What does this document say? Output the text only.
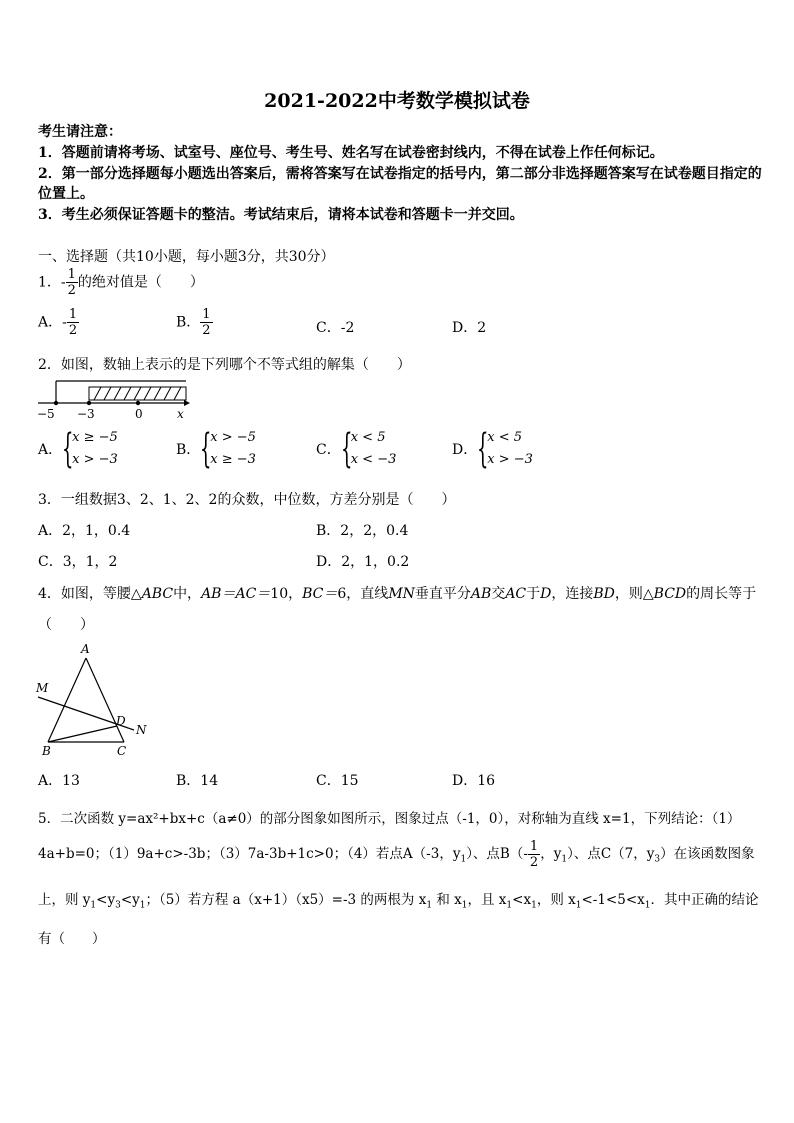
2021-2022中考数学模拟试卷
考生请注意：
1．答题前请将考场、试室号、座位号、考生号、姓名写在试卷密封线内，不得在试卷上作任何标记。
2．第一部分选择题每小题选出答案后，需将答案写在试卷指定的括号内，第二部分非选择题答案写在试卷题目指定的
位置上。
3．考生必须保证答题卡的整洁。考试结束后，请将本试卷和答题卡一并交回。
一、选择题（共10小题，每小题3分，共30分）
1．- $\frac{1}{2}$ 的绝对值是（　　）
A．- $\frac{1}{2}$	B． $\frac{1}{2}$	C．-2	D．2
2．如图，数轴上表示的是下列哪个不等式组的解集（　　）
−5 −3	0	x
A． {
x ≥ −5
x > −3
B． {
x > −5
x ≥ −3
C． {
x < 5
x < −3
D． {
x < 5
x > −3
3．一组数据3、2、1、2、2的众数，中位数，方差分别是（　　）
A．2，1，0.4	B．2，2，0.4
C．3，1，2	D．2，1，0.2
4．如图，等腰△ABC中，AB＝AC＝10，BC＝6，直线MN垂直平分AB交AC于D，连接BD，则△BCD的周长等于
（　　）
A
M
D
N
B	C
A．13	B．14	C．15	D．16
5．二次函数 y=ax²+bx+c（a≠0）的部分图象如图所示，图象过点（-1，0），对称轴为直线 x=1，下列结论：（1）
4a+b=0；（1）9a+c>-3b；（3）7a-3b+1c>0；（4）若点A（-3，$y_1$）、点$B(- \frac{1}{2}$ ，$y_1$）、点C（7，$y_3$）在该函数图象
上，则 $y_1<y_3<y_1$；（5）若方程 a（x+1）（x5）=-3 的两根为 $x_1$ 和 $x_1$，且 $x_1<x_1$，则 $x_1<-1<5<x_1$．其中正确的结论
有（　　）
